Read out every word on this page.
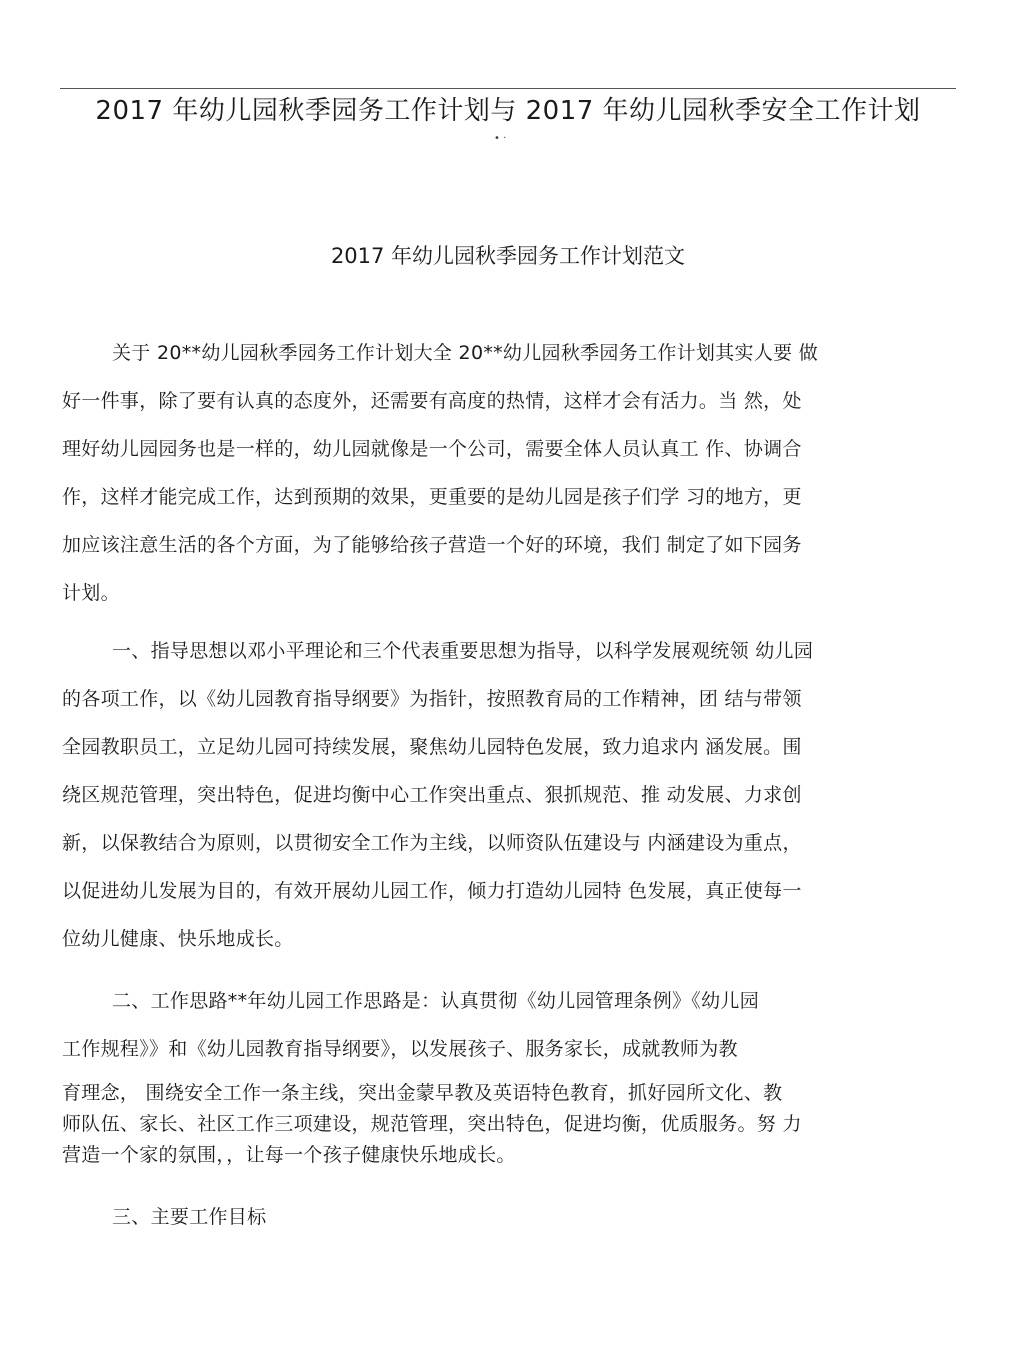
2017 年幼儿园秋季园务工作计划与 2017 年幼儿园秋季安全工作计划
• ·
2017 年幼儿园秋季园务工作计划范文
关于 20**幼儿园秋季园务工作计划大全 20**幼儿园秋季园务工作计划其实人要 做
好一件事，除了要有认真的态度外，还需要有高度的热情，这样才会有活力。当 然，处
理好幼儿园园务也是一样的，幼儿园就像是一个公司，需要全体人员认真工 作、协调合
作，这样才能完成工作，达到预期的效果，更重要的是幼儿园是孩子们学 习的地方，更
加应该注意生活的各个方面，为了能够给孩子营造一个好的环境，我们 制定了如下园务
计划。
一、指导思想以邓小平理论和三个代表重要思想为指导，以科学发展观统领 幼儿园
的各项工作，以《幼儿园教育指导纲要》为指针，按照教育局的工作精神，团 结与带领
全园教职员工，立足幼儿园可持续发展，聚焦幼儿园特色发展，致力追求内 涵发展。围
绕区规范管理，突出特色，促进均衡中心工作突出重点、狠抓规范、推 动发展、力求创
新，以保教结合为原则，以贯彻安全工作为主线，以师资队伍建设与 内涵建设为重点，
以促进幼儿发展为目的，有效开展幼儿园工作，倾力打造幼儿园特 色发展，真正使每一
位幼儿健康、快乐地成长。
二、工作思路**年幼儿园工作思路是：认真贯彻《幼儿园管理条例》《幼儿园
工作规程》》和《幼儿园教育指导纲要》，以发展孩子、服务家长，成就教师为教
育理念， 围绕安全工作一条主线，突出金蒙早教及英语特色教育，抓好园所文化、教
师队伍、家长、社区工作三项建设，规范管理，突出特色，促进均衡，优质服务。努 力
营造一个家的氛围，，让每一个孩子健康快乐地成长。
三、主要工作目标
